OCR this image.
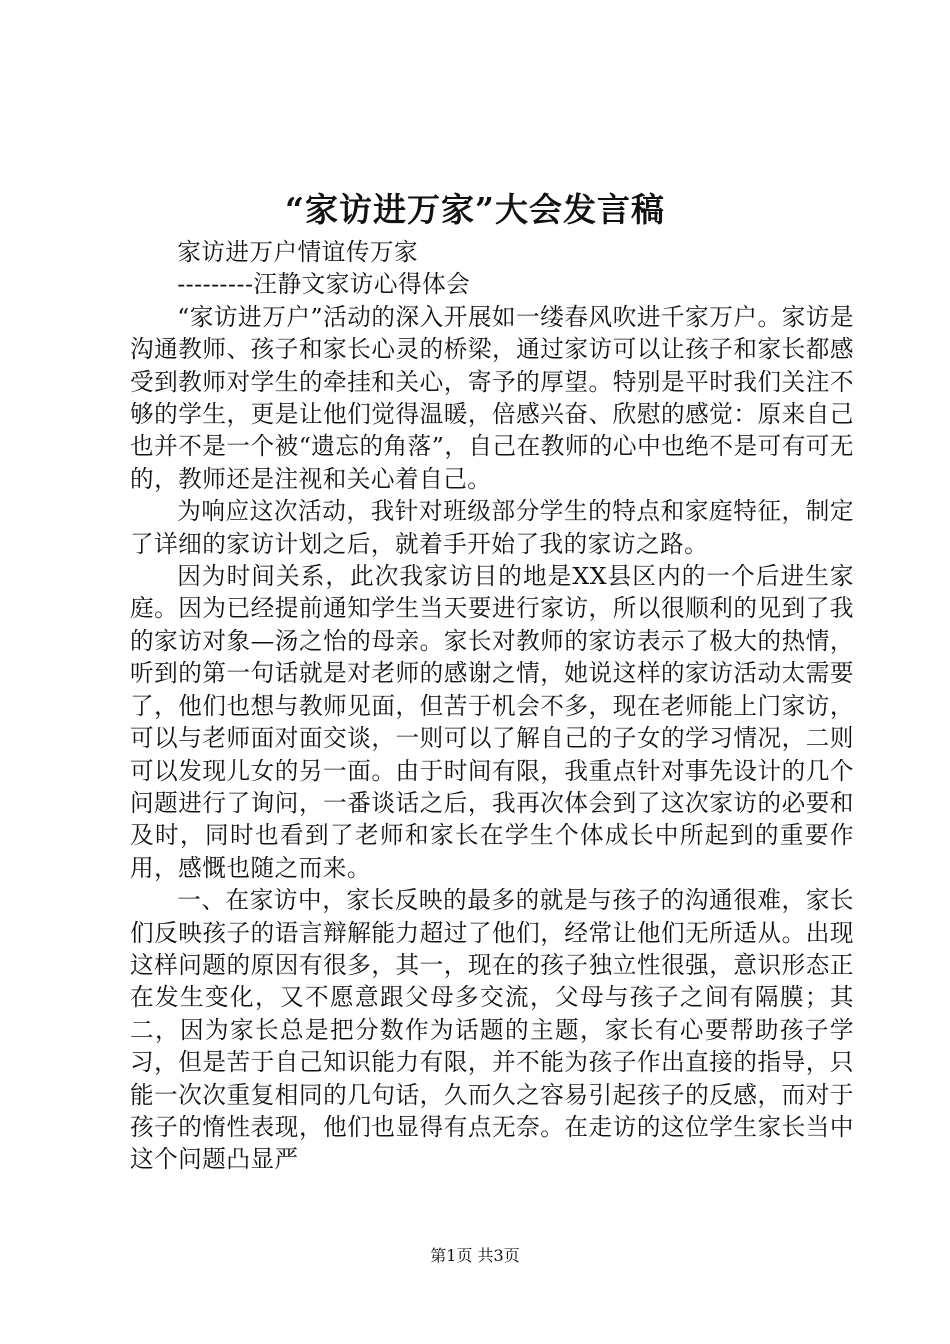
“家访进万家”大会发言稿

家访进万户情谊传万家

---------汪静文家访心得体会

“家访进万户”活动的深入开展如一缕春风吹进千家万户。家访是沟通教师、孩子和家长心灵的桥梁，通过家访可以让孩子和家长都感受到教师对学生的牵挂和关心，寄予的厚望。特别是平时我们关注不够的学生，更是让他们觉得温暖，倍感兴奋、欣慰的感觉：原来自己也并不是一个被“遗忘的角落”，自己在教师的心中也绝不是可有可无的，教师还是注视和关心着自己。

为响应这次活动，我针对班级部分学生的特点和家庭特征，制定了详细的家访计划之后，就着手开始了我的家访之路。

因为时间关系，此次我家访目的地是XX县区内的一个后进生家庭。因为已经提前通知学生当天要进行家访，所以很顺利的见到了我的家访对象—汤之怡的母亲。家长对教师的家访表示了极大的热情，听到的第一句话就是对老师的感谢之情，她说这样的家访活动太需要了，他们也想与教师见面，但苦于机会不多，现在老师能上门家访，可以与老师面对面交谈，一则可以了解自己的子女的学习情况，二则可以发现儿女的另一面。由于时间有限，我重点针对事先设计的几个问题进行了询问，一番谈话之后，我再次体会到了这次家访的必要和及时，同时也看到了老师和家长在学生个体成长中所起到的重要作用，感慨也随之而来。

一、在家访中，家长反映的最多的就是与孩子的沟通很难，家长们反映孩子的语言辩解能力超过了他们，经常让他们无所适从。出现这样问题的原因有很多，其一，现在的孩子独立性很强，意识形态正在发生变化，又不愿意跟父母多交流，父母与孩子之间有隔膜；其二，因为家长总是把分数作为话题的主题，家长有心要帮助孩子学习，但是苦于自己知识能力有限，并不能为孩子作出直接的指导，只能一次次重复相同的几句话，久而久之容易引起孩子的反感，而对于孩子的惰性表现，他们也显得有点无奈。在走访的这位学生家长当中这个问题凸显严

第1页 共3页
